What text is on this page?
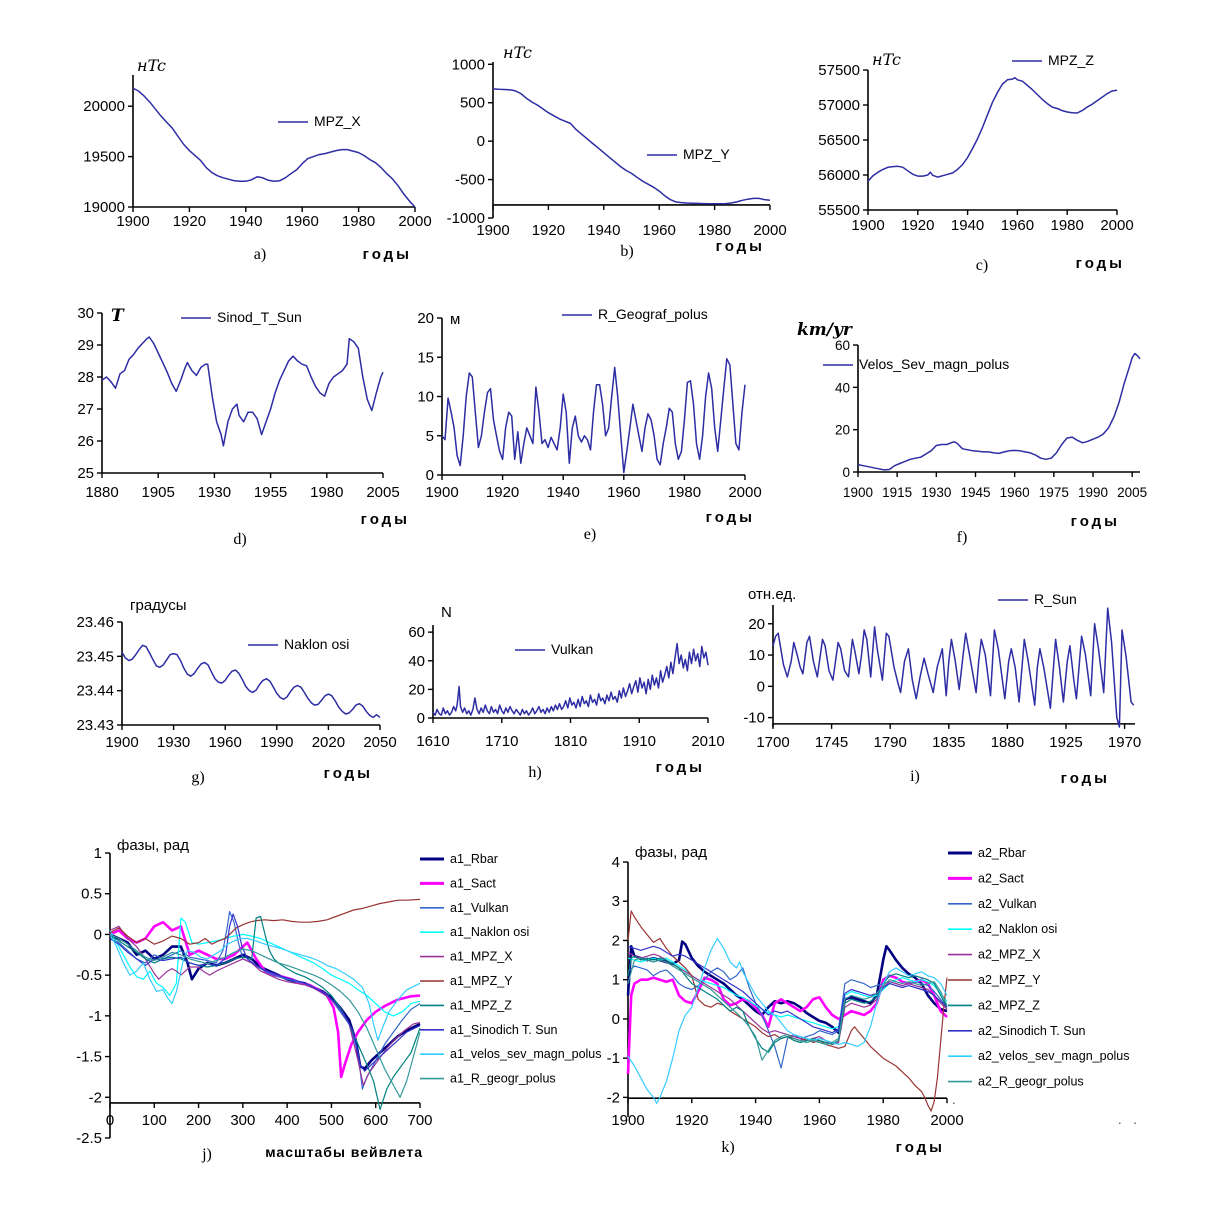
19000
19500
20000
1900 1920 1940 1960 1980 2000
нTc
годы
a)
MPZ_X
-1000
-500
0
500
1000
1900 1920 1940 1960 1980 2000
нTc
годы
b)
MPZ_Y
55500
56000
56500
57000
57500
1900 1920 1940 1960 1980 2000
нTc
годы
c)
MPZ_Z
25
26
27
28
29
30
1880 1905 1930 1955 1980 2005
T
годы
d)
Sinod_T_Sun
0
5
10
15
20
1900 1920 1940 1960 1980 2000
м
годы
e)
R_Geograf_polus
0
20
40
60
1900 1915 1930 1945 1960 1975 1990 2005
km/yr
годы
f)
Velos_Sev_magn_polus
23.43
23.44
23.45
23.46
1900 1930 1960 1990 2020 2050
градусы
годы
g)
Naklon osi
0
20
40
60
1610 1710 1810 1910 2010
N
годы
h)
Vulkan
-10
0
10
20
1700 1745 1790 1835 1880 1925 1970
отн.ед.
годы
i)
R_Sun
1
0.5
0
-0.5
-1
-1.5
-2
-2.5
0 100 200 300 400 500 600 700
фазы, рад
масштабы вейвлета
j)
a1_Rbar
a1_Sact
a1_Vulkan
a1_Naklon osi
a1_MPZ_X
a1_MPZ_Y
a1_MPZ_Z
a1_Sinodich T. Sun
a1_velos_sev_magn_polus
a1_R_geogr_polus
-2
-1
0
1
2
3
4
1900 1920 1940 1960 1980 2000
фазы, рад
годы
k)
a2_Rbar
a2_Sact
a2_Vulkan
a2_Naklon osi
a2_MPZ_X
a2_MPZ_Y
a2_MPZ_Z
a2_Sinodich T. Sun
a2_velos_sev_magn_polus
a2_R_geogr_polus
.
. .
